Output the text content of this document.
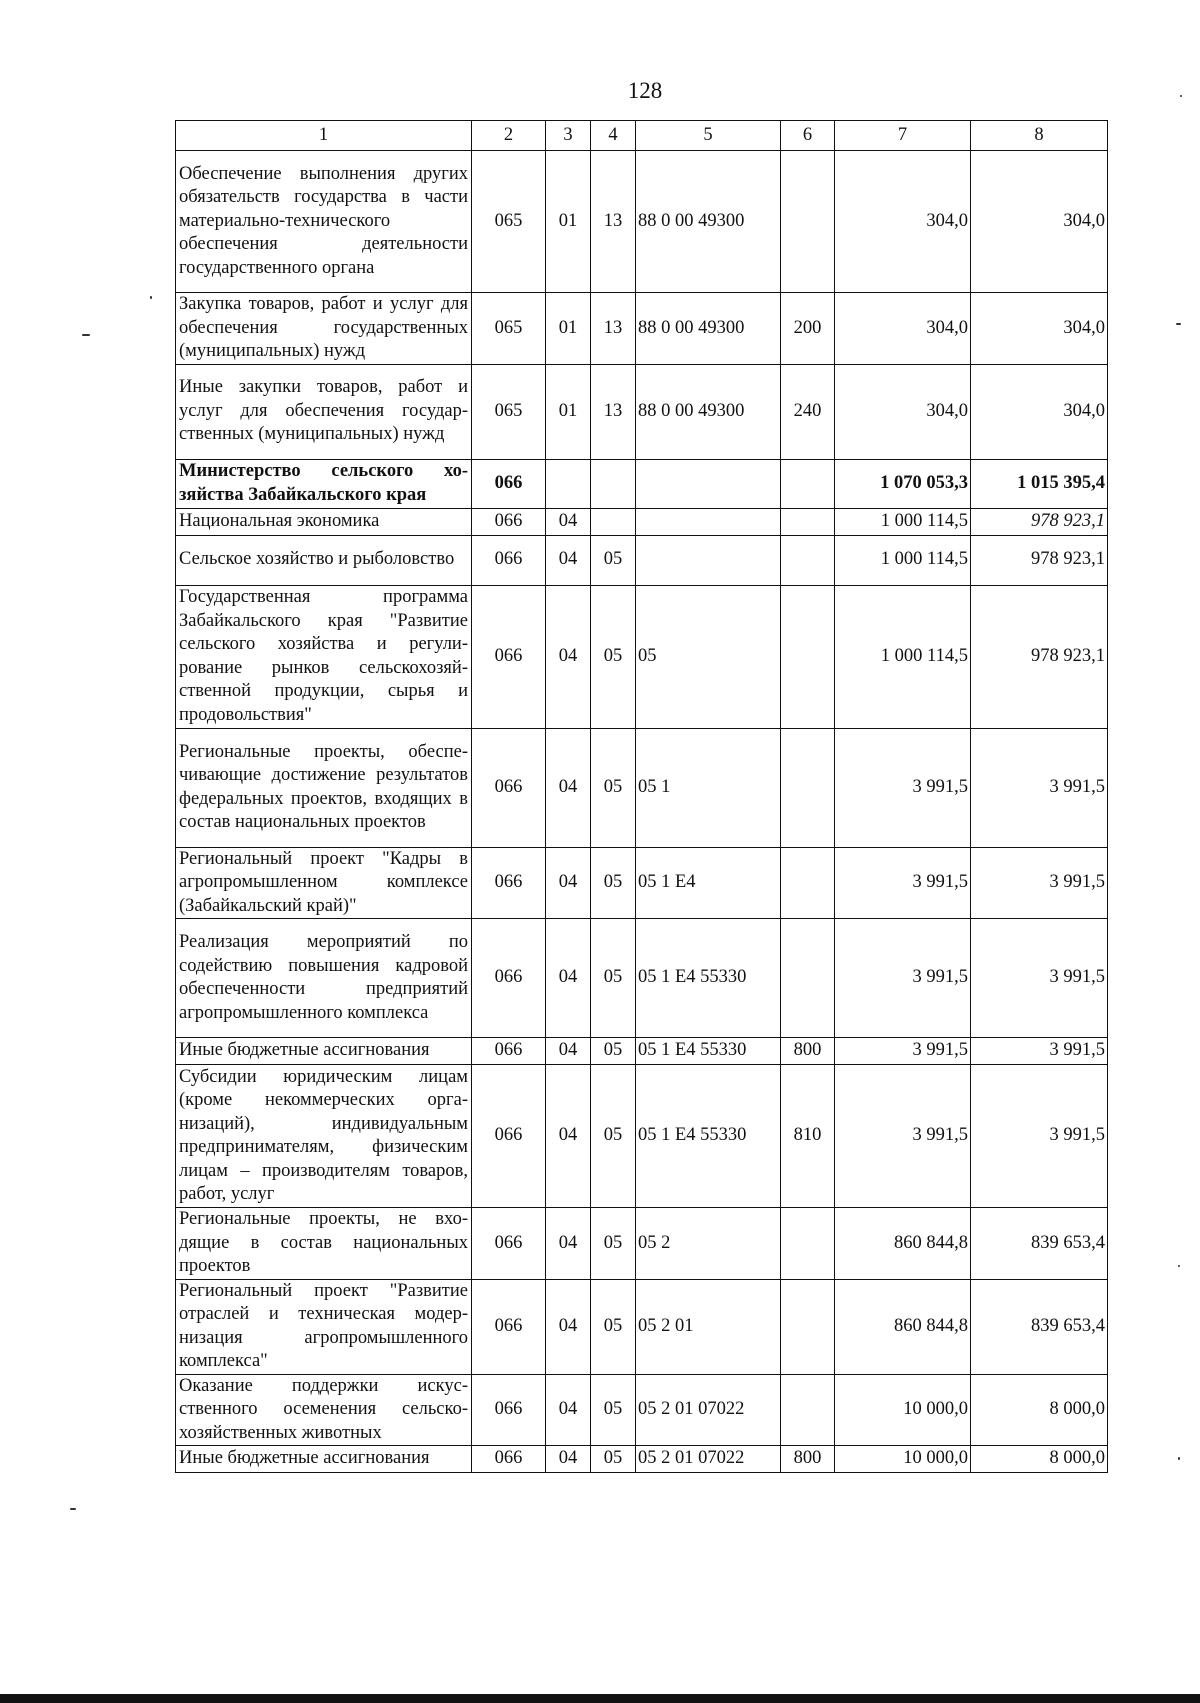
128
1	2	3	4	5	6	7	8
Обеспечение выполнения других обязательств государства в части материально-технического обеспечения деятельности государственного органа	065	01	13	88 0 00 49300		304,0	304,0
Закупка товаров, работ и услуг для обеспечения государственных (муниципальных) нужд	065	01	13	88 0 00 49300	200	304,0	304,0
Иные закупки товаров, работ и услуг для обеспечения государственных (муниципальных) нужд	065	01	13	88 0 00 49300	240	304,0	304,0
Министерство сельского хозяйства Забайкальского края	066					1 070 053,3	1 015 395,4
Национальная экономика	066	04				1 000 114,5	978 923,1
Сельское хозяйство и рыболовство	066	04	05			1 000 114,5	978 923,1
Государственная программа Забайкальского края "Развитие сельского хозяйства и регулирование рынков сельскохозяйственной продукции, сырья и продовольствия"	066	04	05	05		1 000 114,5	978 923,1
Региональные проекты, обеспечивающие достижение результатов федеральных проектов, входящих в состав национальных проектов	066	04	05	05 1		3 991,5	3 991,5
Региональный проект "Кадры в агропромышленном комплексе (Забайкальский край)"	066	04	05	05 1 Е4		3 991,5	3 991,5
Реализация мероприятий по содействию повышения кадровой обеспеченности предприятий агропромышленного комплекса	066	04	05	05 1 Е4 55330		3 991,5	3 991,5
Иные бюджетные ассигнования	066	04	05	05 1 Е4 55330	800	3 991,5	3 991,5
Субсидии юридическим лицам (кроме некоммерческих организаций), индивидуальным предпринимателям, физическим лицам – производителям товаров, работ, услуг	066	04	05	05 1 Е4 55330	810	3 991,5	3 991,5
Региональные проекты, не входящие в состав национальных проектов	066	04	05	05 2		860 844,8	839 653,4
Региональный проект "Развитие отраслей и техническая модернизация агропромышленного комплекса"	066	04	05	05 2 01		860 844,8	839 653,4
Оказание поддержки искусственного осеменения сельскохозяйственных животных	066	04	05	05 2 01 07022		10 000,0	8 000,0
Иные бюджетные ассигнования	066	04	05	05 2 01 07022	800	10 000,0	8 000,0
